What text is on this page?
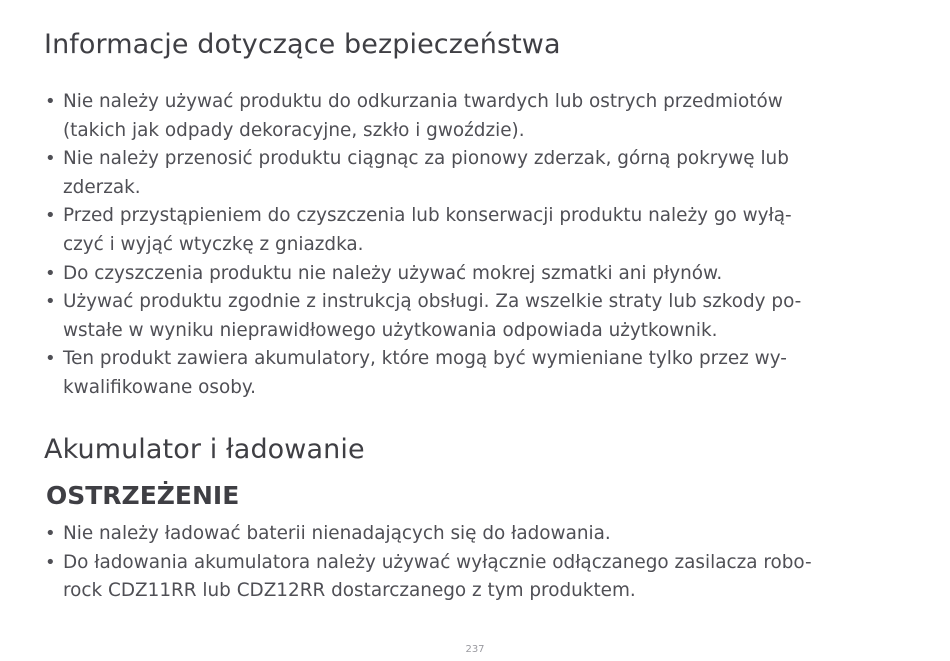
Informacje dotyczące bezpieczeństwa
• Nie należy używać produktu do odkurzania twardych lub ostrych przedmiotów
(takich jak odpady dekoracyjne, szkło i gwoździe).
• Nie należy przenosić produktu ciągnąc za pionowy zderzak, górną pokrywę lub
zderzak.
• Przed przystąpieniem do czyszczenia lub konserwacji produktu należy go wyłą-
czyć i wyjąć wtyczkę z gniazdka.
• Do czyszczenia produktu nie należy używać mokrej szmatki ani płynów.
• Używać produktu zgodnie z instrukcją obsługi. Za wszelkie straty lub szkody po-
wstałe w wyniku nieprawidłowego użytkowania odpowiada użytkownik.
• Ten produkt zawiera akumulatory, które mogą być wymieniane tylko przez wy-
kwalifikowane osoby.
Akumulator i ładowanie
OSTRZEŻENIE
• Nie należy ładować baterii nienadających się do ładowania.
• Do ładowania akumulatora należy używać wyłącznie odłączanego zasilacza robo-
rock CDZ11RR lub CDZ12RR dostarczanego z tym produktem.
237
